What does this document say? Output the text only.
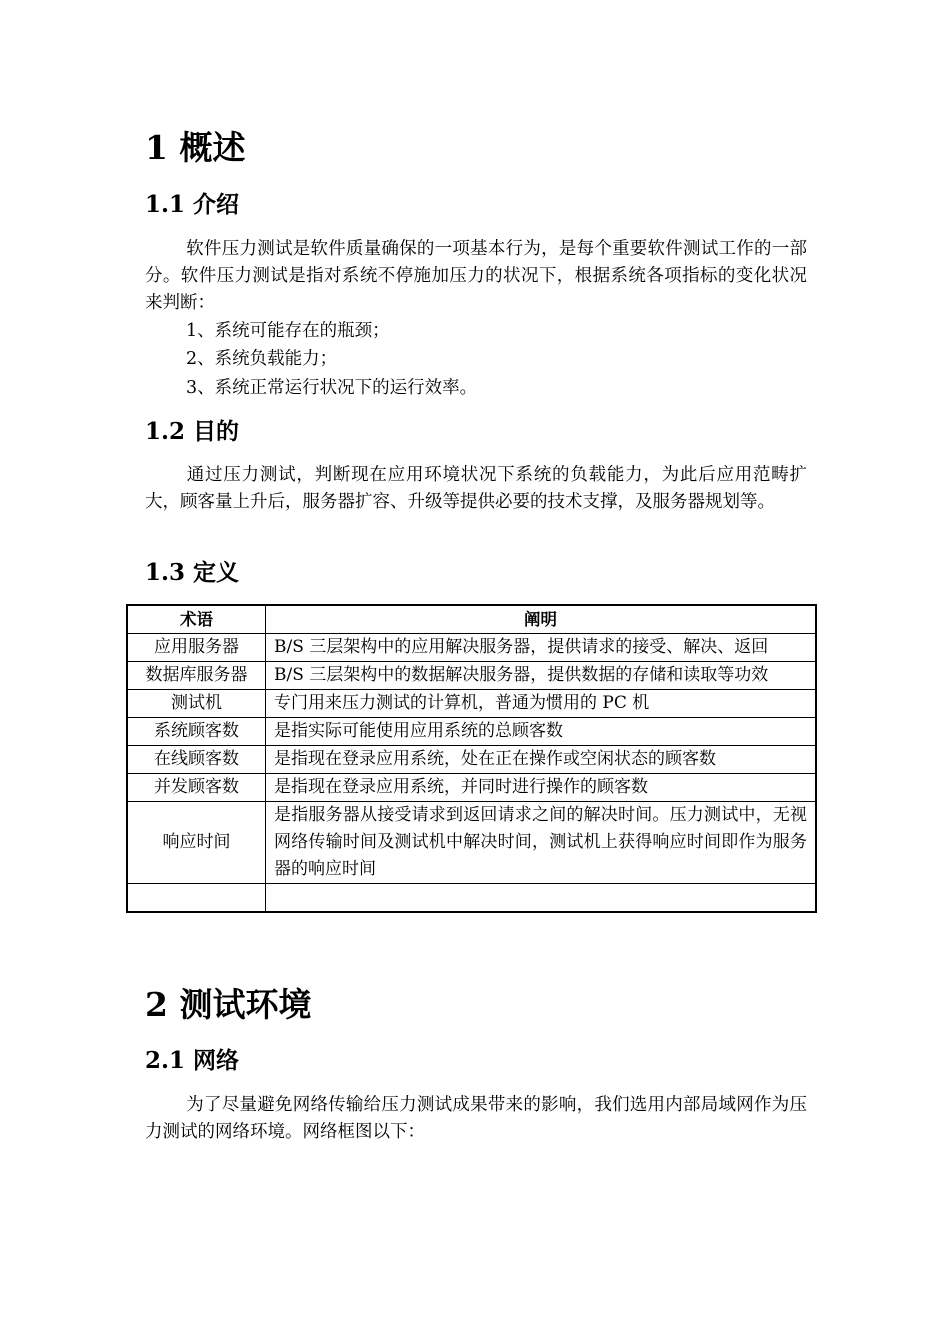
1 概述
1.1 介绍
软件压力测试是软件质量确保的一项基本行为，是每个重要软件测试工作的一部分。软件压力测试是指对系统不停施加压力的状况下，根据系统各项指标的变化状况来判断：
1、系统可能存在的瓶颈；
2、系统负载能力；
3、系统正常运行状况下的运行效率。
1.2 目的
通过压力测试，判断现在应用环境状况下系统的负载能力，为此后应用范畴扩大，顾客量上升后，服务器扩容、升级等提供必要的技术支撑，及服务器规划等。
1.3 定义
术语	阐明
应用服务器	B/S 三层架构中的应用解决服务器，提供请求的接受、解决、返回
数据库服务器	B/S 三层架构中的数据解决服务器，提供数据的存储和读取等功效
测试机	专门用来压力测试的计算机，普通为惯用的 PC 机
系统顾客数	是指实际可能使用应用系统的总顾客数
在线顾客数	是指现在登录应用系统，处在正在操作或空闲状态的顾客数
并发顾客数	是指现在登录应用系统，并同时进行操作的顾客数
响应时间	是指服务器从接受请求到返回请求之间的解决时间。压力测试中，无视网络传输时间及测试机中解决时间，测试机上获得响应时间即作为服务器的响应时间

2 测试环境
2.1 网络
为了尽量避免网络传输给压力测试成果带来的影响，我们选用内部局域网作为压力测试的网络环境。网络框图以下：
